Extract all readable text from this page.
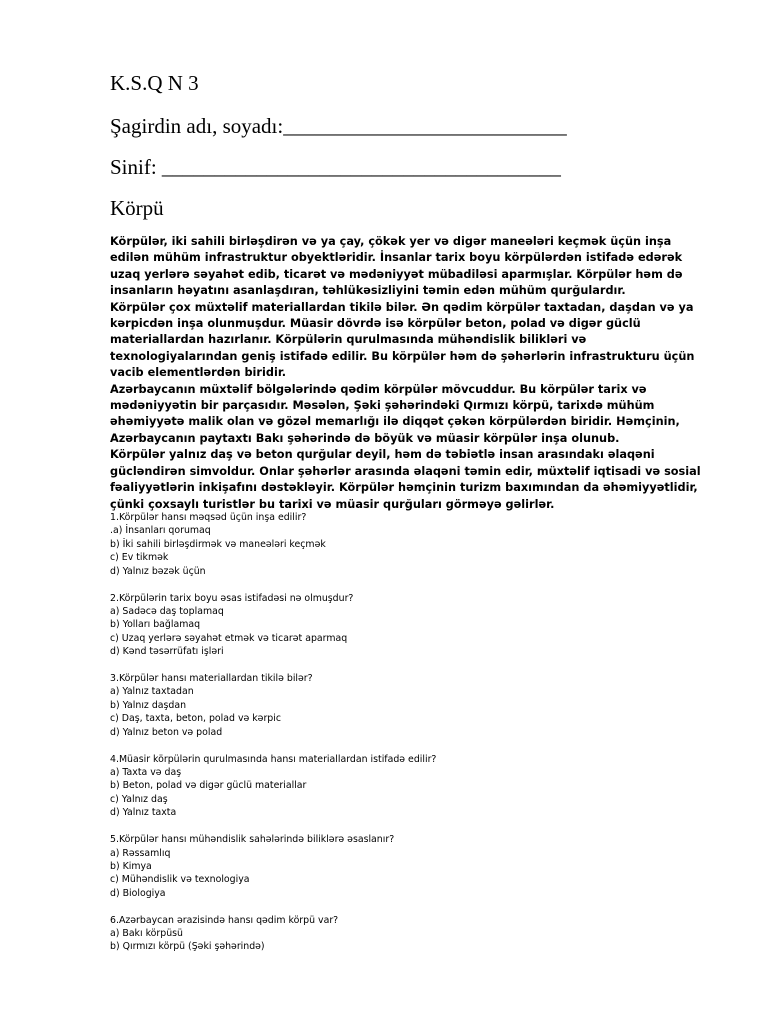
K.S.Q N 3
Şagirdin adı, soyadı:___________________________
Sinif: ______________________________________
Körpü

Körpülər, iki sahili birləşdirən və ya çay, çökək yer və digər maneələri keçmək üçün inşa edilən mühüm infrastruktur obyektləridir. İnsanlar tarix boyu körpülərdən istifadə edərək uzaq yerlərə səyahət edib, ticarət və mədəniyyət mübadiləsi aparmışlar. Körpülər həm də insanların həyatını asanlaşdıran, təhlükəsizliyini təmin edən mühüm qurğulardır.

Körpülər çox müxtəlif materiallardan tikilə bilər. Ən qədim körpülər taxtadan, daşdan və ya kərpicdən inşa olunmuşdur. Müasir dövrdə isə körpülər beton, polad və digər güclü materiallardan hazırlanır. Körpülərin qurulmasında mühəndislik bilikləri və texnologiyalarından geniş istifadə edilir. Bu körpülər həm də şəhərlərin infrastrukturu üçün vacib elementlərdən biridir.

Azərbaycanın müxtəlif bölgələrində qədim körpülər mövcuddur. Bu körpülər tarix və mədəniyyətin bir parçasıdır. Məsələn, Şəki şəhərindəki Qırmızı körpü, tarixdə mühüm əhəmiyyətə malik olan və gözəl memarlığı ilə diqqət çəkən körpülərdən biridir. Həmçinin, Azərbaycanın paytaxtı Bakı şəhərində də böyük və müasir körpülər inşa olunub.

Körpülər yalnız daş və beton qurğular deyil, həm də təbiətlə insan arasındakı əlaqəni gücləndirən simvoldur. Onlar şəhərlər arasında əlaqəni təmin edir, müxtəlif iqtisadi və sosial fəaliyyətlərin inkişafını dəstəkləyir. Körpülər həmçinin turizm baxımından da əhəmiyyətlidir, çünki çoxsaylı turistlər bu tarixi və müasir qurğuları görməyə gəlirlər.

1.Körpülər hansı məqsəd üçün inşa edilir?
.a) İnsanları qorumaq
b) İki sahili birləşdirmək və maneələri keçmək
c) Ev tikmək
d) Yalnız bəzək üçün
2.Körpülərin tarix boyu əsas istifadəsi nə olmuşdur?
a) Sadəcə daş toplamaq
b) Yolları bağlamaq
c) Uzaq yerlərə səyahət etmək və ticarət aparmaq
d) Kənd təsərrüfatı işləri
3.Körpülər hansı materiallardan tikilə bilər?
a) Yalnız taxtadan
b) Yalnız daşdan
c) Daş, taxta, beton, polad və kərpic
d) Yalnız beton və polad
4.Müasir körpülərin qurulmasında hansı materiallardan istifadə edilir?
a) Taxta və daş
b) Beton, polad və digər güclü materiallar
c) Yalnız daş
d) Yalnız taxta
5.Körpülər hansı mühəndislik sahələrində biliklərə əsaslanır?
a) Rəssamlıq
b) Kimya
c) Mühəndislik və texnologiya
d) Biologiya
6.Azərbaycan ərazisində hansı qədim körpü var?
a) Bakı körpüsü
b) Qırmızı körpü (Şəki şəhərində)
